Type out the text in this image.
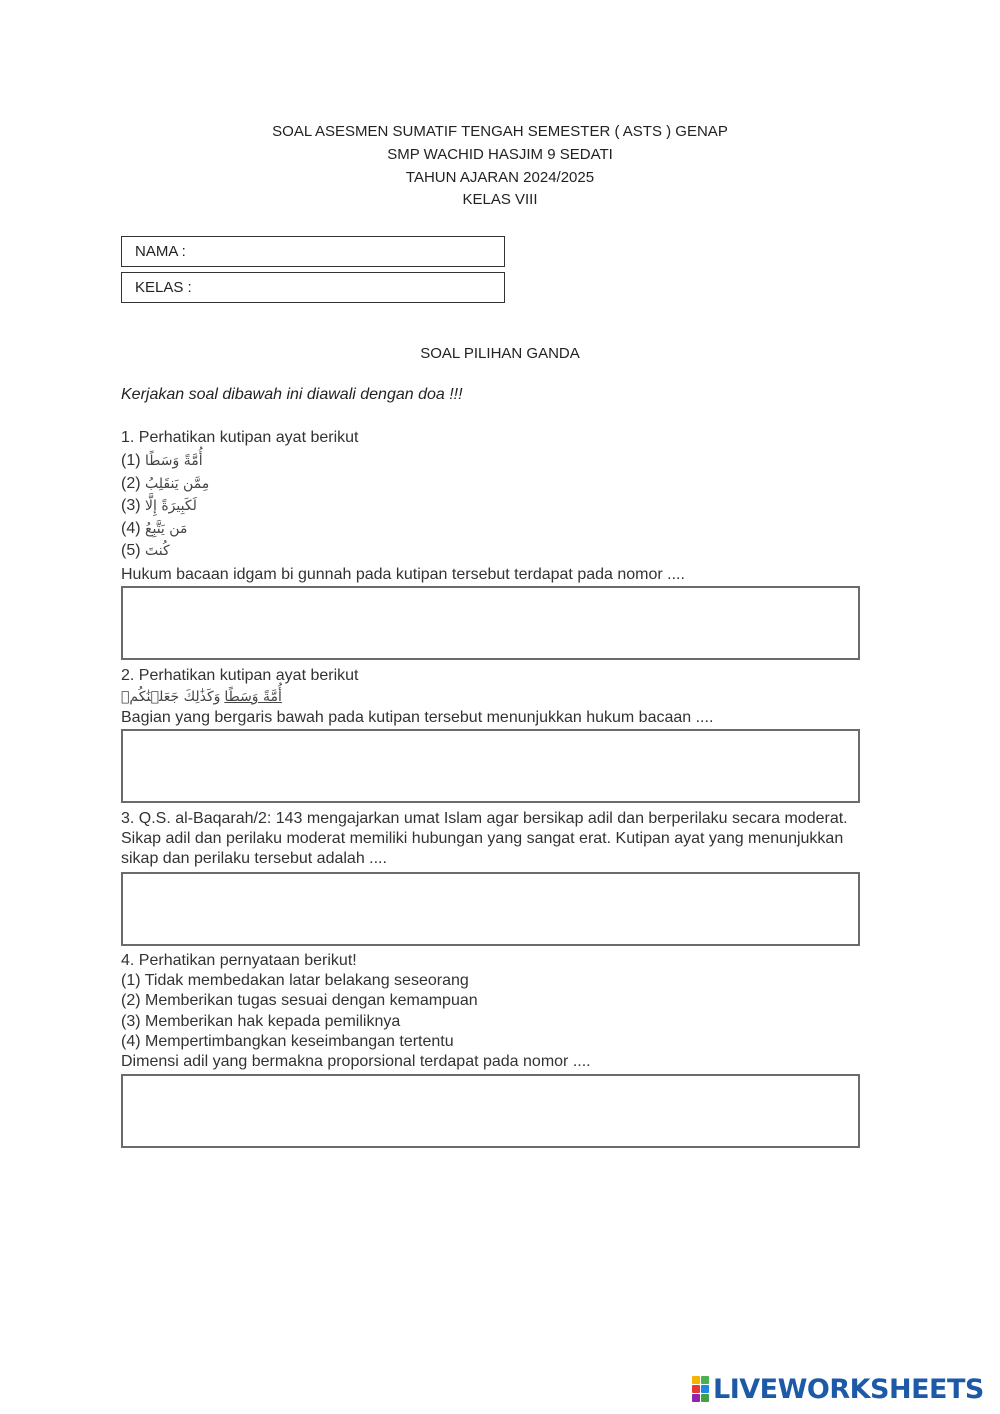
SOAL ASESMEN SUMATIF TENGAH SEMESTER ( ASTS ) GENAP
SMP WACHID HASJIM 9 SEDATI
TAHUN AJARAN 2024/2025
KELAS VIII
NAMA :
KELAS :
SOAL PILIHAN GANDA
Kerjakan soal dibawah ini diawali dengan doa !!!
1. Perhatikan kutipan ayat berikut
(1) أُمَّةً وَسَطًا
(2) مِمَّن يَنقَلِبُ
(3) لَكَبِيرَةً إِلَّا
(4) مَن يَتَّبِعُ
(5) كُنتَ
Hukum bacaan idgam bi gunnah pada kutipan tersebut terdapat pada nomor ....
2. Perhatikan kutipan ayat berikut
أُمَّةً وَسَطًا وَكَذَٰلِكَ جَعَلۡنَٰكُمۡ
Bagian yang bergaris bawah pada kutipan tersebut menunjukkan hukum bacaan ....
3. Q.S. al-Baqarah/2: 143 mengajarkan umat Islam agar bersikap adil dan berperilaku secara moderat. Sikap adil dan perilaku moderat memiliki hubungan yang sangat erat. Kutipan ayat yang menunjukkan sikap dan perilaku tersebut adalah ....
4. Perhatikan pernyataan berikut!
(1) Tidak membedakan latar belakang seseorang
(2) Memberikan tugas sesuai dengan kemampuan
(3) Memberikan hak kepada pemiliknya
(4) Mempertimbangkan keseimbangan tertentu
Dimensi adil yang bermakna proporsional terdapat pada nomor ....
LIVEWORKSHEETS
